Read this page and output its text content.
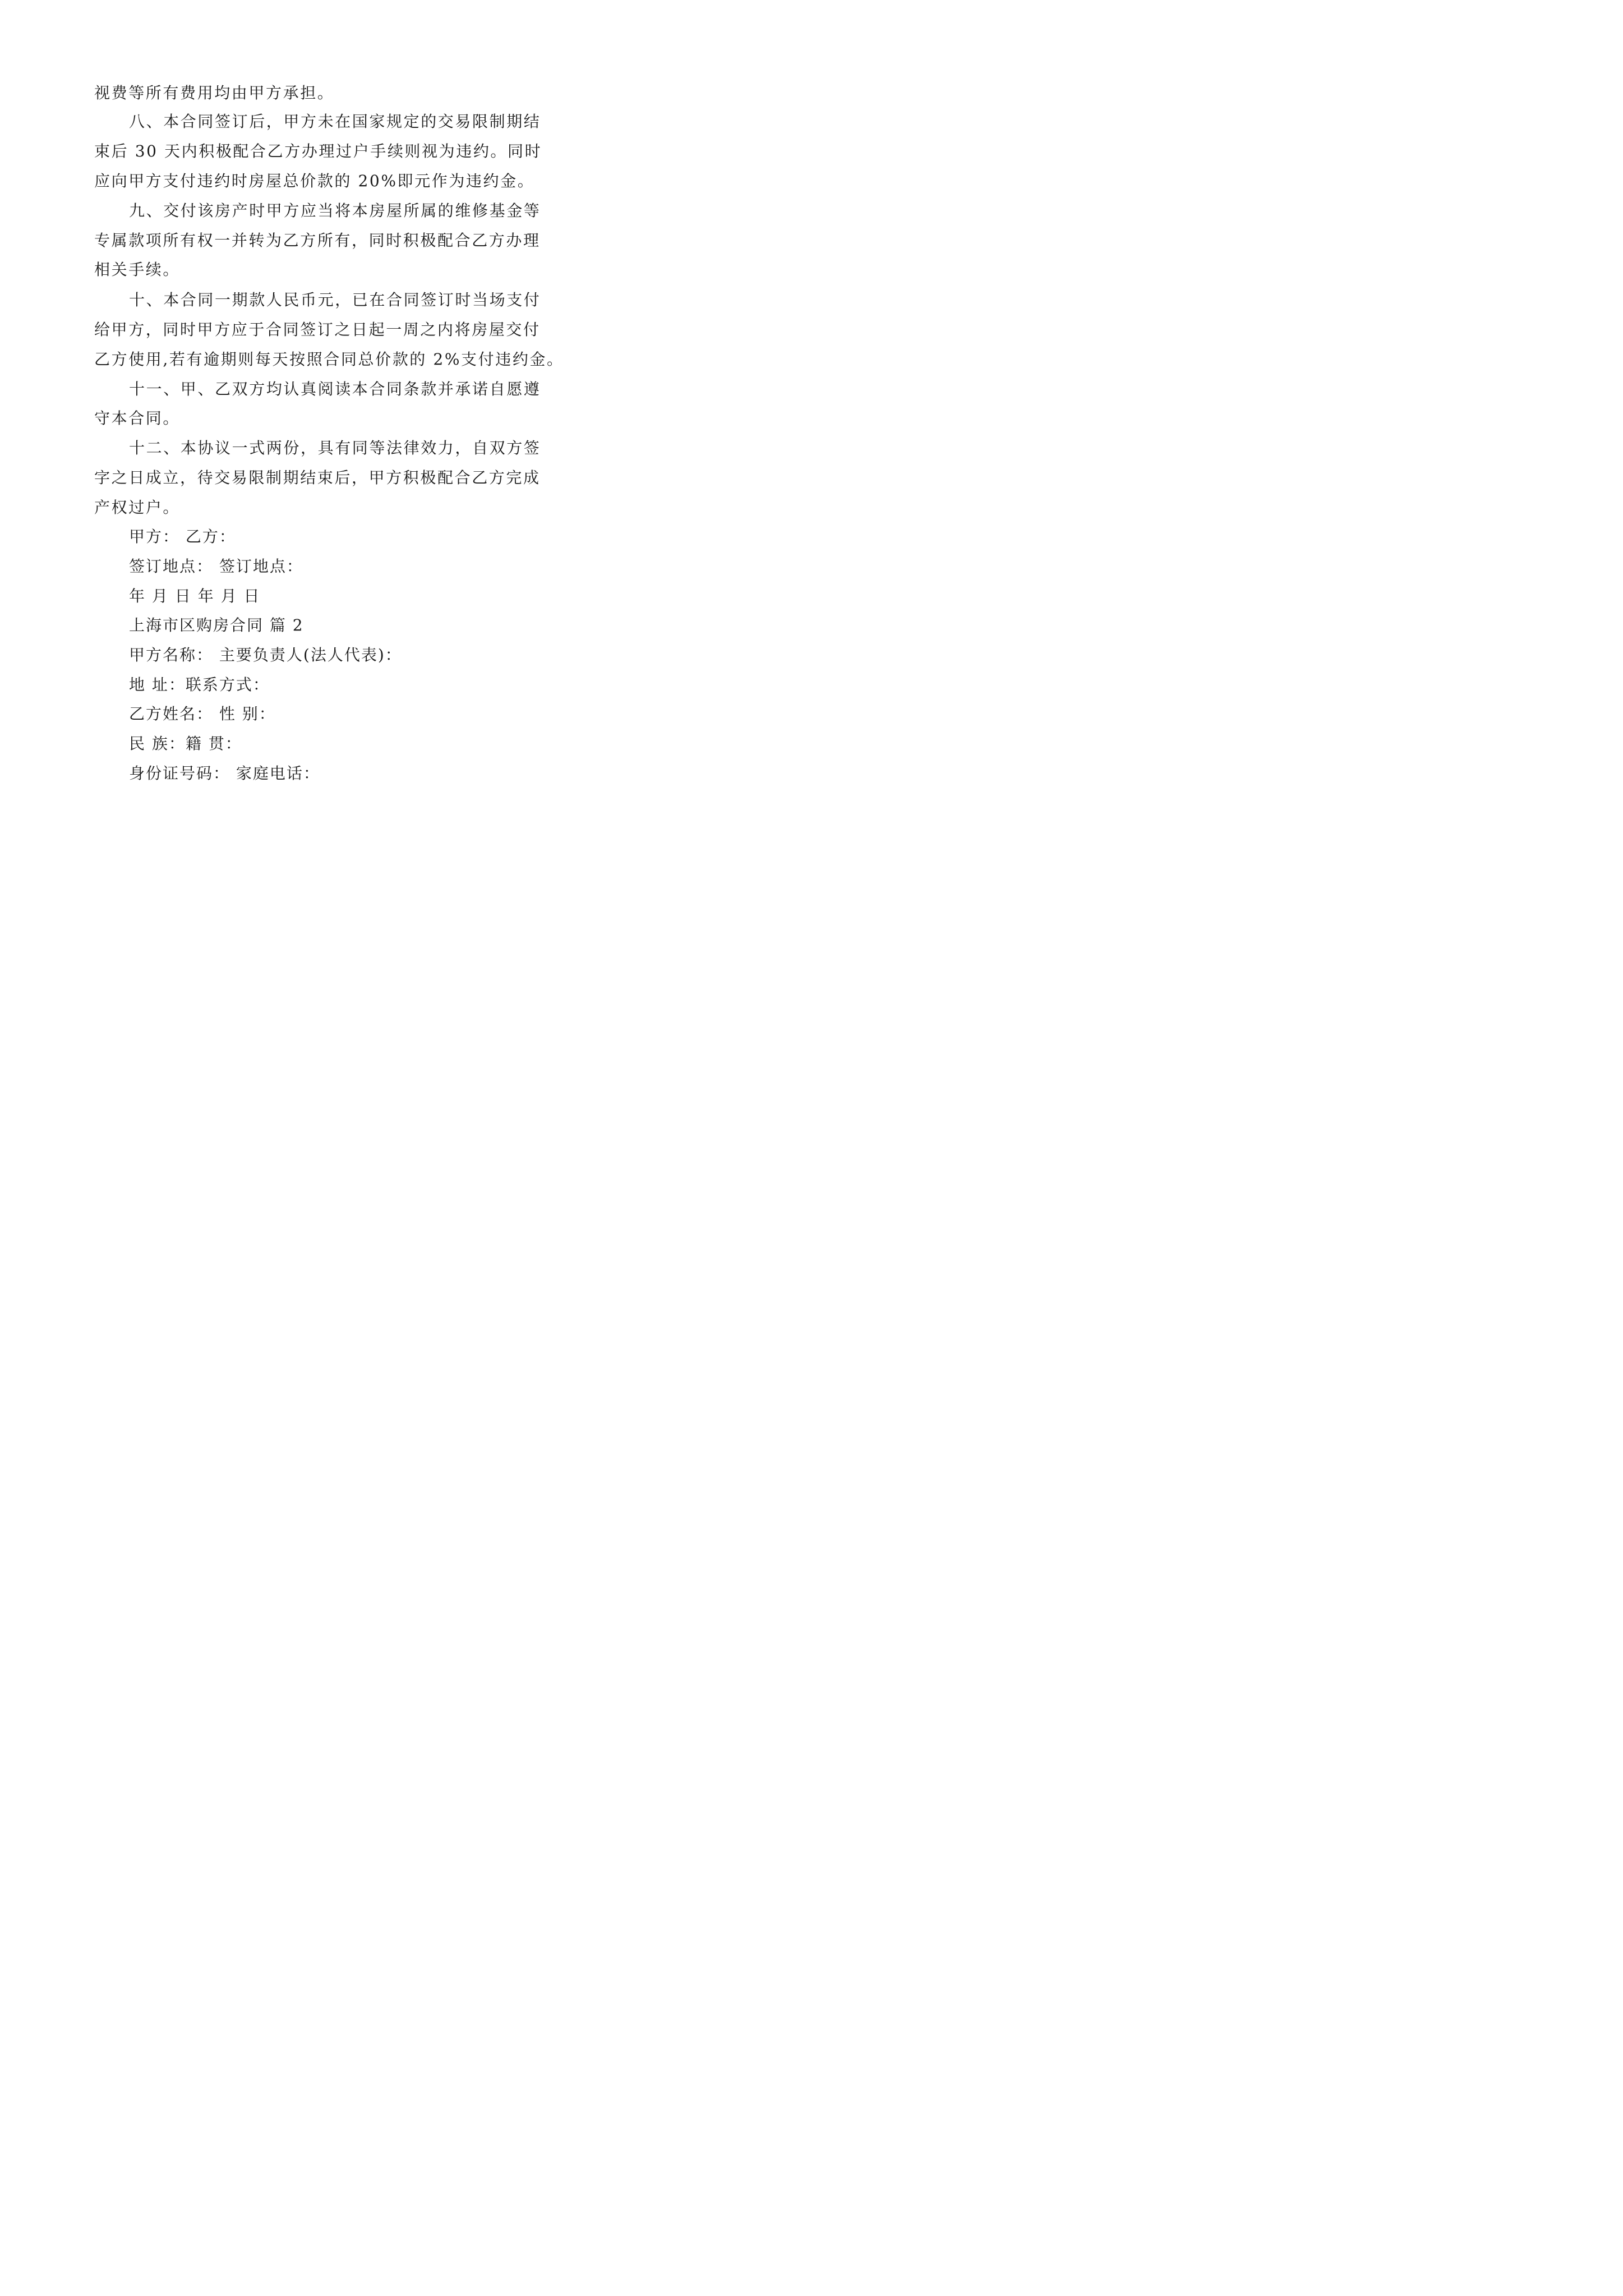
视费等所有费用均由甲方承担。
八、本合同签订后，甲方未在国家规定的交易限制期结
束后 30 天内积极配合乙方办理过户手续则视为违约。同时
应向甲方支付违约时房屋总价款的 20%即元作为违约金。
九、交付该房产时甲方应当将本房屋所属的维修基金等
专属款项所有权一并转为乙方所有，同时积极配合乙方办理
相关手续。
十、本合同一期款人民币元，已在合同签订时当场支付
给甲方，同时甲方应于合同签订之日起一周之内将房屋交付
乙方使用,若有逾期则每天按照合同总价款的 2%支付违约金。
十一、甲、乙双方均认真阅读本合同条款并承诺自愿遵
守本合同。
十二、本协议一式两份，具有同等法律效力，自双方签
字之日成立，待交易限制期结束后，甲方积极配合乙方完成
产权过户。
甲方： 乙方：
签订地点： 签订地点：
年 月 日 年 月 日
上海市区购房合同 篇 2
甲方名称： 主要负责人(法人代表)：
地 址：联系方式：
乙方姓名： 性 别：
民 族：籍 贯：
身份证号码： 家庭电话：
